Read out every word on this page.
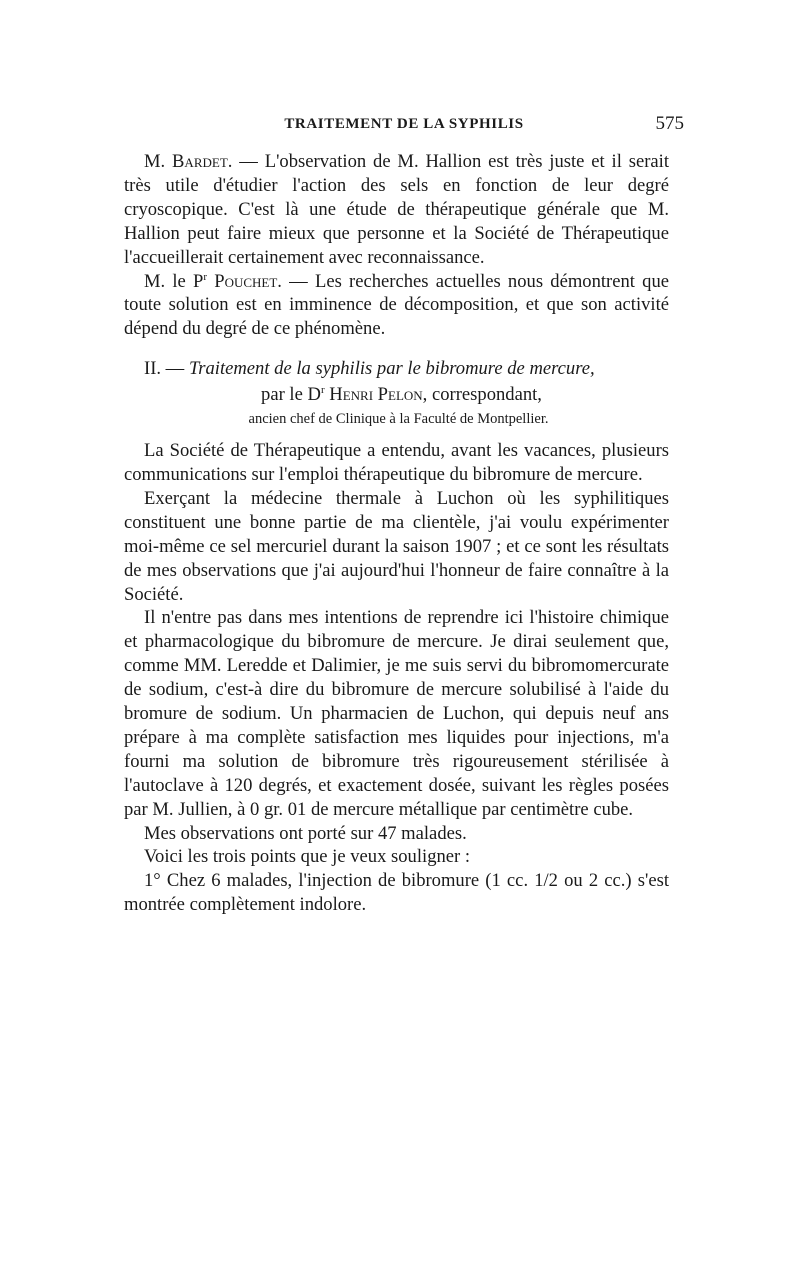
TRAITEMENT DE LA SYPHILIS	575

M. Bardet. — L'observation de M. Hallion est très juste et il serait très utile d'étudier l'action des sels en fonction de leur degré cryoscopique. C'est là une étude de thérapeutique générale que M. Hallion peut faire mieux que personne et la Société de Thérapeutique l'accueillerait certainement avec reconnaissance.

M. le $P^r$ Pouchet. — Les recherches actuelles nous démontrent que toute solution est en imminence de décomposition, et que son activité dépend du degré de ce phénomène.

II. — Traitement de la syphilis par le bibromure de mercure,

par le $D^r$ Henri Pelon, correspondant,

ancien chef de Clinique à la Faculté de Montpellier.

La Société de Thérapeutique a entendu, avant les vacances, plusieurs communications sur l'emploi thérapeutique du bibromure de mercure.

Exerçant la médecine thermale à Luchon où les syphilitiques constituent une bonne partie de ma clientèle, j'ai voulu expérimenter moi-même ce sel mercuriel durant la saison 1907 ; et ce sont les résultats de mes observations que j'ai aujourd'hui l'honneur de faire connaître à la Société.

Il n'entre pas dans mes intentions de reprendre ici l'histoire chimique et pharmacologique du bibromure de mercure. Je dirai seulement que, comme MM. Leredde et Dalimier, je me suis servi du bibromomercurate de sodium, c'est-à dire du bibromure de mercure solubilisé à l'aide du bromure de sodium. Un pharmacien de Luchon, qui depuis neuf ans prépare à ma complète satisfaction mes liquides pour injections, m'a fourni ma solution de bibromure très rigoureusement stérilisée à l'autoclave à 120 degrés, et exactement dosée, suivant les règles posées par M. Jullien, à 0 gr. 01 de mercure métallique par centimètre cube.

Mes observations ont porté sur 47 malades.

Voici les trois points que je veux souligner :

1° Chez 6 malades, l'injection de bibromure (1 cc. 1/2 ou 2 cc.) s'est montrée complètement indolore.
